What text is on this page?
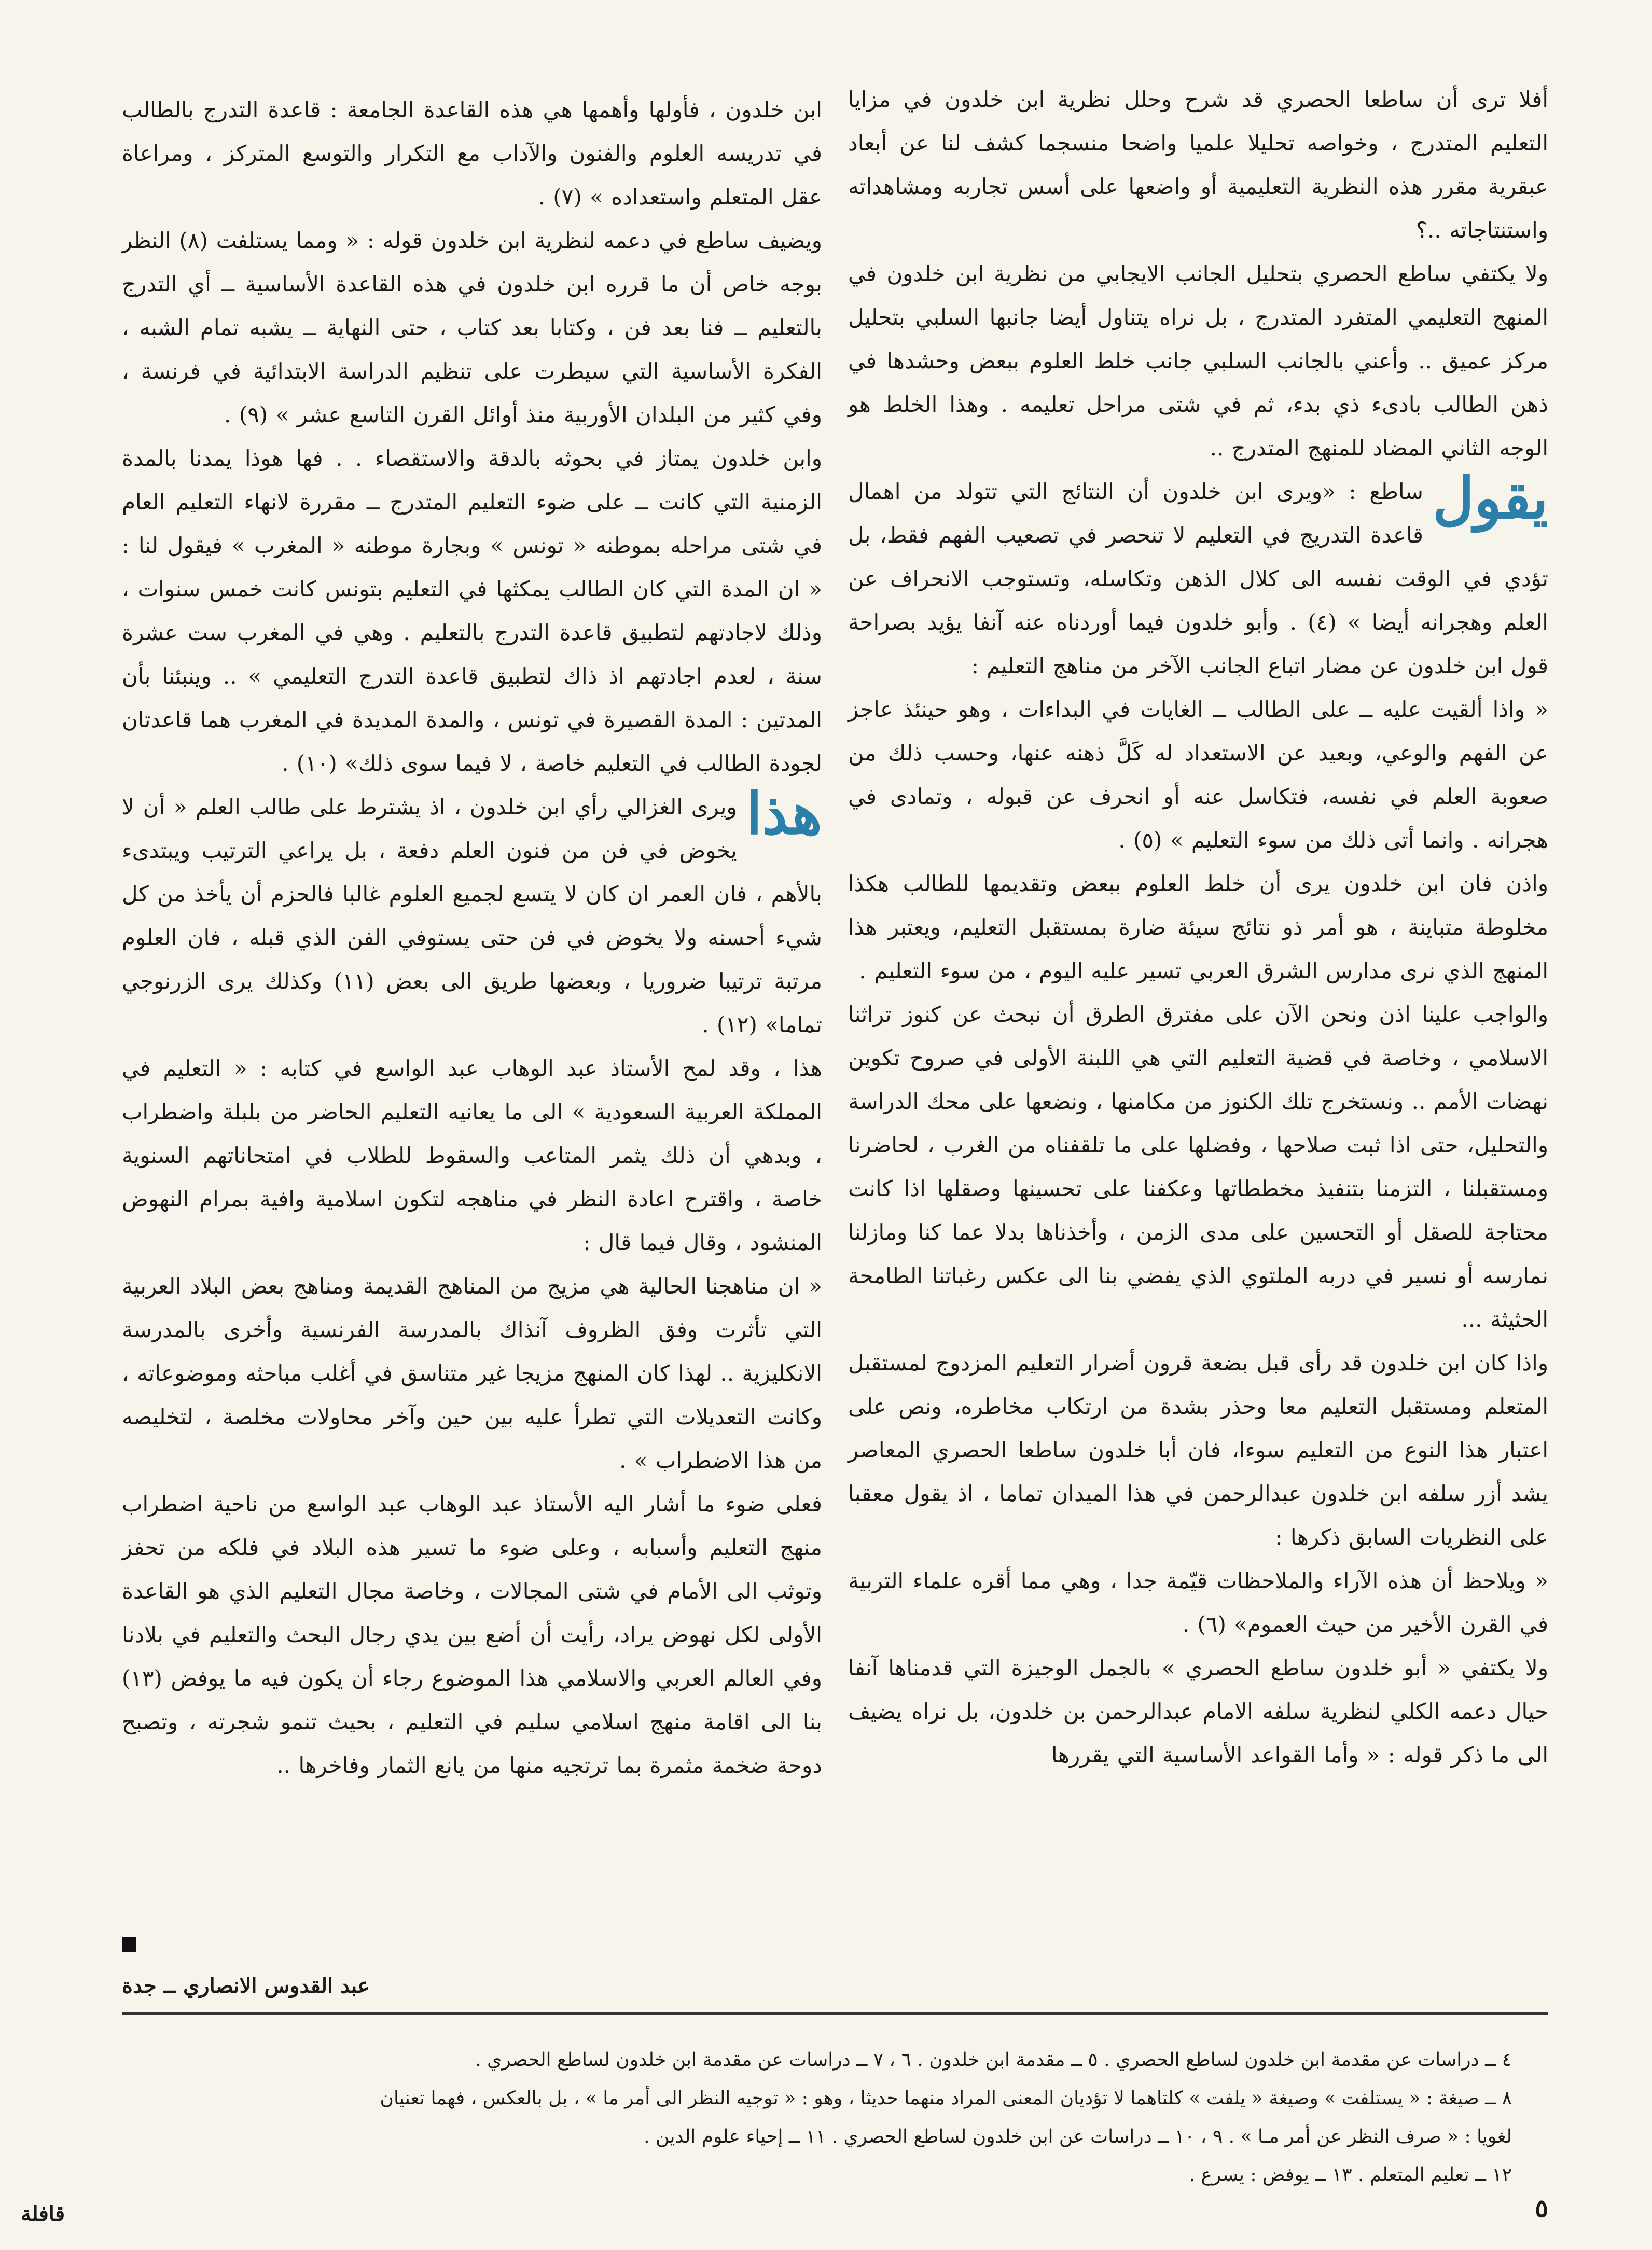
أفلا ترى أن ساطعا الحصري قد شرح وحلل نظرية ابن خلدون في مزايا التعليم المتدرج ، وخواصه تحليلا علميا واضحا منسجما كشف لنا عن أبعاد عبقرية مقرر هذه النظرية التعليمية أو واضعها على أسس تجاربه ومشاهداته واستنتاجاته ..؟

ولا يكتفي ساطع الحصري بتحليل الجانب الايجابي من نظرية ابن خلدون في المنهج التعليمي المتفرد المتدرج ، بل نراه يتناول أيضا جانبها السلبي بتحليل مركز عميق .. وأعني بالجانب السلبي جانب خلط العلوم ببعض وحشدها في ذهن الطالب بادىء ذي بدء، ثم في شتى مراحل تعليمه . وهذا الخلط هو الوجه الثاني المضاد للمنهج المتدرج ..

يقول
ساطع : «ويرى ابن خلدون أن النتائج التي تتولد من اهمال قاعدة التدريج في التعليم لا تنحصر في تصعيب الفهم فقط، بل تؤدي في الوقت نفسه الى كلال الذهن وتكاسله، وتستوجب الانحراف عن العلم وهجرانه أيضا » (٤) . وأبو خلدون فيما أوردناه عنه آنفا يؤيد بصراحة قول ابن خلدون عن مضار اتباع الجانب الآخر من مناهج التعليم :

« واذا ألقيت عليه ــ على الطالب ــ الغايات في البداءات ، وهو حينئذ عاجز عن الفهم والوعي، وبعيد عن الاستعداد له كَلَّ ذهنه عنها، وحسب ذلك من صعوبة العلم في نفسه، فتكاسل عنه أو انحرف عن قبوله ، وتمادى في هجرانه . وانما أتى ذلك من سوء التعليم » (٥) .

واذن فان ابن خلدون يرى أن خلط العلوم ببعض وتقديمها للطالب هكذا مخلوطة متباينة ، هو أمر ذو نتائج سيئة ضارة بمستقبل التعليم، ويعتبر هذا المنهج الذي نرى مدارس الشرق العربي تسير عليه اليوم ، من سوء التعليم .

والواجب علينا اذن ونحن الآن على مفترق الطرق أن نبحث عن كنوز تراثنا الاسلامي ، وخاصة في قضية التعليم التي هي اللبنة الأولى في صروح تكوين نهضات الأمم .. ونستخرج تلك الكنوز من مكامنها ، ونضعها على محك الدراسة والتحليل، حتى اذا ثبت صلاحها ، وفضلها على ما تلقفناه من الغرب ، لحاضرنا ومستقبلنا ، التزمنا بتنفيذ مخططاتها وعكفنا على تحسينها وصقلها اذا كانت محتاجة للصقل أو التحسين على مدى الزمن ، وأخذناها بدلا عما كنا ومازلنا نمارسه أو نسير في دربه الملتوي الذي يفضي بنا الى عكس رغباتنا الطامحة الحثيثة ...

واذا كان ابن خلدون قد رأى قبل بضعة قرون أضرار التعليم المزدوج لمستقبل المتعلم ومستقبل التعليم معا وحذر بشدة من ارتكاب مخاطره، ونص على اعتبار هذا النوع من التعليم سوءا، فان أبا خلدون ساطعا الحصري المعاصر يشد أزر سلفه ابن خلدون عبدالرحمن في هذا الميدان تماما ، اذ يقول معقبا على النظريات السابق ذكرها :

« ويلاحظ أن هذه الآراء والملاحظات قيّمة جدا ، وهي مما أقره علماء التربية في القرن الأخير من حيث العموم» (٦) .

ولا يكتفي « أبو خلدون ساطع الحصري » بالجمل الوجيزة التي قدمناها آنفا حيال دعمه الكلي لنظرية سلفه الامام عبدالرحمن بن خلدون، بل نراه يضيف الى ما ذكر قوله : « وأما القواعد الأساسية التي يقررها

ابن خلدون ، فأولها وأهمها هي هذه القاعدة الجامعة : قاعدة التدرج بالطالب في تدريسه العلوم والفنون والآداب مع التكرار والتوسع المتركز ، ومراعاة عقل المتعلم واستعداده » (٧) .

ويضيف ساطع في دعمه لنظرية ابن خلدون قوله : « ومما يستلفت (٨) النظر بوجه خاص أن ما قرره ابن خلدون في هذه القاعدة الأساسية ــ أي التدرج بالتعليم ــ فنا بعد فن ، وكتابا بعد كتاب ، حتى النهاية ــ يشبه تمام الشبه ، الفكرة الأساسية التي سيطرت على تنظيم الدراسة الابتدائية في فرنسة ، وفي كثير من البلدان الأوربية منذ أوائل القرن التاسع عشر » (٩) .

وابن خلدون يمتاز في بحوثه بالدقة والاستقصاء . . فها هوذا يمدنا بالمدة الزمنية التي كانت ــ على ضوء التعليم المتدرج ــ مقررة لانهاء التعليم العام في شتى مراحله بموطنه « تونس » وبجارة موطنه « المغرب » فيقول لنا : « ان المدة التي كان الطالب يمكثها في التعليم بتونس كانت خمس سنوات ، وذلك لاجادتهم لتطبيق قاعدة التدرج بالتعليم . وهي في المغرب ست عشرة سنة ، لعدم اجادتهم اذ ذاك لتطبيق قاعدة التدرج التعليمي » .. وينبئنا بأن المدتين : المدة القصيرة في تونس ، والمدة المديدة في المغرب هما قاعدتان لجودة الطالب في التعليم خاصة ، لا فيما سوى ذلك» (١٠) .

هذا
ويرى الغزالي رأي ابن خلدون ، اذ يشترط على طالب العلم « أن لا يخوض في فن من فنون العلم دفعة ، بل يراعي الترتيب ويبتدىء بالأهم ، فان العمر ان كان لا يتسع لجميع العلوم غالبا فالحزم أن يأخذ من كل شيء أحسنه ولا يخوض في فن حتى يستوفي الفن الذي قبله ، فان العلوم مرتبة ترتيبا ضروريا ، وبعضها طريق الى بعض (١١) وكذلك يرى الزرنوجي تماما» (١٢) .

هذا ، وقد لمح الأستاذ عبد الوهاب عبد الواسع في كتابه : « التعليم في المملكة العربية السعودية » الى ما يعانيه التعليم الحاضر من بلبلة واضطراب ، وبدهي أن ذلك يثمر المتاعب والسقوط للطلاب في امتحاناتهم السنوية خاصة ، واقترح اعادة النظر في مناهجه لتكون اسلامية وافية بمرام النهوض المنشود ، وقال فيما قال :

« ان مناهجنا الحالية هي مزيج من المناهج القديمة ومناهج بعض البلاد العربية التي تأثرت وفق الظروف آنذاك بالمدرسة الفرنسية وأخرى بالمدرسة الانكليزية .. لهذا كان المنهج مزيجا غير متناسق في أغلب مباحثه وموضوعاته ، وكانت التعديلات التي تطرأ عليه بين حين وآخر محاولات مخلصة ، لتخليصه من هذا الاضطراب » .

فعلى ضوء ما أشار اليه الأستاذ عبد الوهاب عبد الواسع من ناحية اضطراب منهج التعليم وأسبابه ، وعلى ضوء ما تسير هذه البلاد في فلكه من تحفز وتوثب الى الأمام في شتى المجالات ، وخاصة مجال التعليم الذي هو القاعدة الأولى لكل نهوض يراد، رأيت أن أضع بين يدي رجال البحث والتعليم في بلادنا وفي العالم العربي والاسلامي هذا الموضوع رجاء أن يكون فيه ما يوفض (١٣) بنا الى اقامة منهج اسلامي سليم في التعليم ، بحيث تنمو شجرته ، وتصبح دوحة ضخمة مثمرة بما ترتجيه منها من يانع الثمار وفاخرها ..

عبد القدوس الانصاري ــ جدة
٤ ــ دراسات عن مقدمة ابن خلدون لساطع الحصري . ٥ ــ مقدمة ابن خلدون . ٦ ، ٧ ــ دراسات عن مقدمة ابن خلدون لساطع الحصري .
٨ ــ صيغة : « يستلفت » وصيغة « يلفت » كلتاهما لا تؤديان المعنى المراد منهما حديثا ، وهو : « توجيه النظر الى أمر ما » ، بل بالعكس ، فهما تعنيان
لغويا : « صرف النظر عن أمر مـا » . ٩ ، ١٠ ــ دراسات عن ابن خلدون لساطع الحصري . ١١ ــ إحياء علوم الدين .
١٢ ــ تعليم المتعلم . ١٣ ــ يوفض : يسرع .
٥
قافلة
